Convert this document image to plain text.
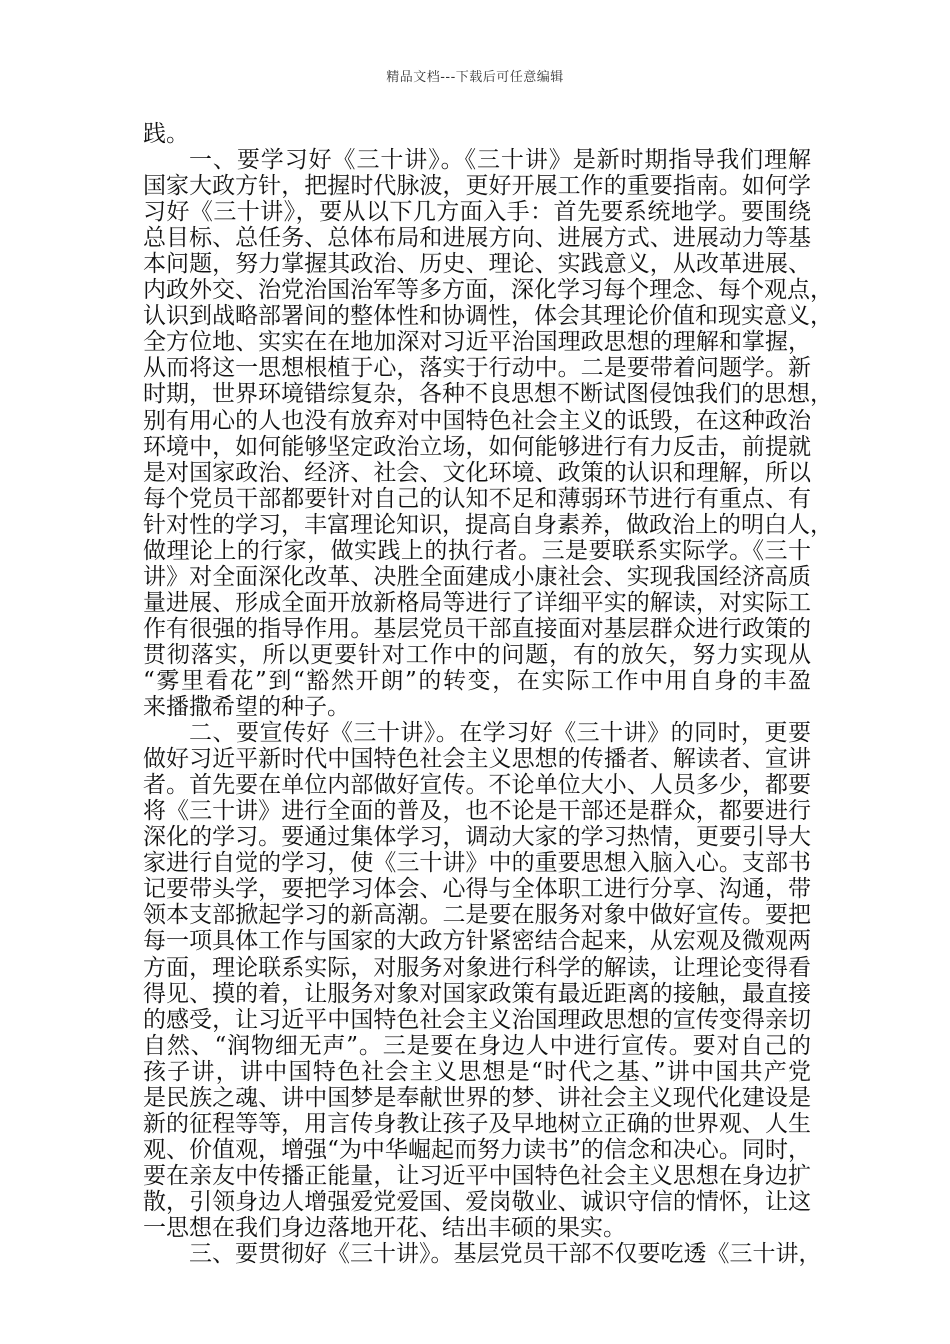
精品文档---下载后可任意编辑
践。
一、要学习好《三十讲》。《三十讲》是新时期指导我们理解
国家大政方针，把握时代脉波，更好开展工作的重要指南。如何学
习好《三十讲》，要从以下几方面入手：首先要系统地学。要围绕
总目标、总任务、总体布局和进展方向、进展方式、进展动力等基
本问题，努力掌握其政治、历史、理论、实践意义，从改革进展、
内政外交、治党治国治军等多方面，深化学习每个理念、每个观点，
认识到战略部署间的整体性和协调性，体会其理论价值和现实意义，
全方位地、实实在在地加深对习近平治国理政思想的理解和掌握，
从而将这一思想根植于心，落实于行动中。二是要带着问题学。新
时期，世界环境错综复杂，各种不良思想不断试图侵蚀我们的思想，
别有用心的人也没有放弃对中国特色社会主义的诋毁，在这种政治
环境中，如何能够坚定政治立场，如何能够进行有力反击，前提就
是对国家政治、经济、社会、文化环境、政策的认识和理解，所以
每个党员干部都要针对自己的认知不足和薄弱环节进行有重点、有
针对性的学习，丰富理论知识，提高自身素养，做政治上的明白人，
做理论上的行家，做实践上的执行者。三是要联系实际学。《三十
讲》对全面深化改革、决胜全面建成小康社会、实现我国经济高质
量进展、形成全面开放新格局等进行了详细平实的解读，对实际工
作有很强的指导作用。基层党员干部直接面对基层群众进行政策的
贯彻落实，所以更要针对工作中的问题，有的放矢，努力实现从
“雾里看花”到“豁然开朗”的转变，在实际工作中用自身的丰盈
来播撒希望的种子。
二、要宣传好《三十讲》。在学习好《三十讲》的同时，更要
做好习近平新时代中国特色社会主义思想的传播者、解读者、宣讲
者。首先要在单位内部做好宣传。不论单位大小、人员多少，都要
将《三十讲》进行全面的普及，也不论是干部还是群众，都要进行
深化的学习。要通过集体学习，调动大家的学习热情，更要引导大
家进行自觉的学习，使《三十讲》中的重要思想入脑入心。支部书
记要带头学，要把学习体会、心得与全体职工进行分享、沟通，带
领本支部掀起学习的新高潮。二是要在服务对象中做好宣传。要把
每一项具体工作与国家的大政方针紧密结合起来，从宏观及微观两
方面，理论联系实际，对服务对象进行科学的解读，让理论变得看
得见、摸的着，让服务对象对国家政策有最近距离的接触，最直接
的感受，让习近平中国特色社会主义治国理政思想的宣传变得亲切
自然、“润物细无声”。三是要在身边人中进行宣传。要对自己的
孩子讲，讲中国特色社会主义思想是“时代之基、”讲中国共产党
是民族之魂、讲中国梦是奉献世界的梦、讲社会主义现代化建设是
新的征程等等，用言传身教让孩子及早地树立正确的世界观、人生
观、价值观，增强“为中华崛起而努力读书”的信念和决心。同时，
要在亲友中传播正能量，让习近平中国特色社会主义思想在身边扩
散，引领身边人增强爱党爱国、爱岗敬业、诚识守信的情怀，让这
一思想在我们身边落地开花、结出丰硕的果实。
三、要贯彻好《三十讲》。基层党员干部不仅要吃透《三十讲，
